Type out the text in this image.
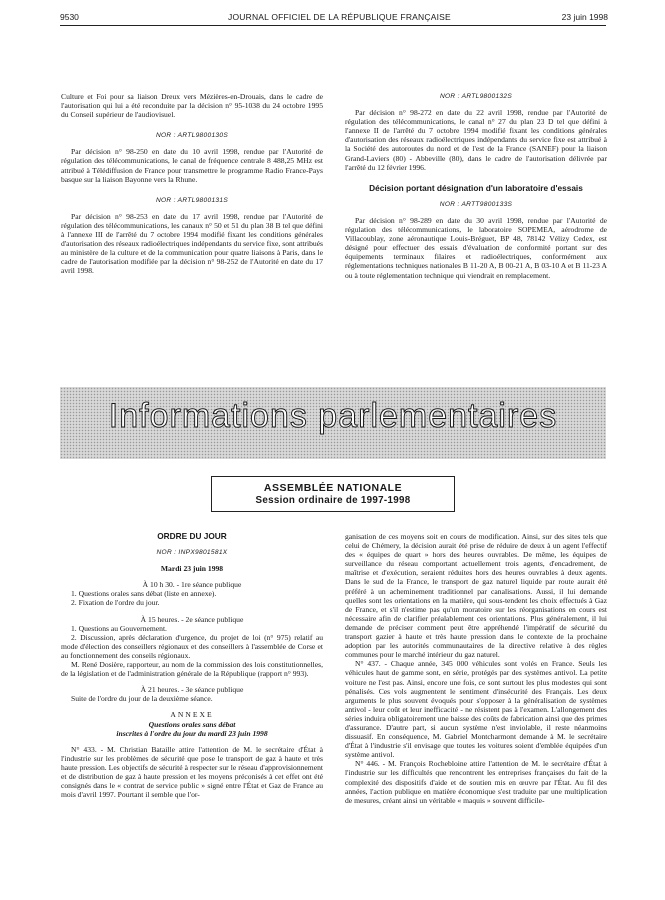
9530	JOURNAL OFFICIEL DE LA RÉPUBLIQUE FRANÇAISE	23 juin 1998

Culture et Foi pour sa liaison Dreux vers Mézières-en-Drouais, dans le cadre de l'autorisation qui lui a été reconduite par la décision n° 95-1038 du 24 octobre 1995 du Conseil supérieur de l'audiovisuel.

NOR : ARTL9800130S

Par décision n° 98-250 en date du 10 avril 1998, rendue par l'Autorité de régulation des télécommunications, le canal de fréquence centrale 8 488,25 MHz est attribué à Télédiffusion de France pour transmettre le programme Radio France-Pays basque sur la liaison Bayonne vers la Rhune.

NOR : ARTL9800131S

Par décision n° 98-253 en date du 17 avril 1998, rendue par l'Autorité de régulation des télécommunications, les canaux n° 50 et 51 du plan 38 B tel que défini à l'annexe III de l'arrêté du 7 octobre 1994 modifié fixant les conditions générales d'autorisation des réseaux radioélectriques indépendants du service fixe, sont attribués au ministère de la culture et de la communication pour quatre liaisons à Paris, dans le cadre de l'autorisation modifiée par la décision n° 98-252 de l'Autorité en date du 17 avril 1998.

NOR : ARTL9800132S

Par décision n° 98-272 en date du 22 avril 1998, rendue par l'Autorité de régulation des télécommunications, le canal n° 27 du plan 23 D tel que défini à l'annexe II de l'arrêté du 7 octobre 1994 modifié fixant les conditions générales d'autorisation des réseaux radioélectriques indépendants du service fixe est attribué à la Société des autoroutes du nord et de l'est de la France (SANEF) pour la liaison Grand-Laviers (80) - Abbeville (80), dans le cadre de l'autorisation délivrée par l'arrêté du 12 février 1996.

Décision portant désignation d'un laboratoire d'essais

NOR : ARTT9800133S

Par décision n° 98-289 en date du 30 avril 1998, rendue par l'Autorité de régulation des télécommunications, le laboratoire SOPEMEA, aérodrome de Villacoublay, zone aéronautique Louis-Bréguet, BP 48, 78142 Vélizy Cedex, est désigné pour effectuer des essais d'évaluation de conformité portant sur des équipements terminaux filaires et radioélectriques, conformément aux réglementations techniques nationales B 11-20 A, B 00-21 A, B 03-10 A et B 11-23 A ou à toute réglementation technique qui viendrait en remplacement.

Informations parlementaires
ASSEMBLÉE NATIONALE
Session ordinaire de 1997-1998

ORDRE DU JOUR

NOR : INPX9801581X

Mardi 23 juin 1998

À 10 h 30. - 1re séance publique

1. Questions orales sans débat (liste en annexe).

2. Fixation de l'ordre du jour.

À 15 heures. - 2e séance publique

1. Questions au Gouvernement.

2. Discussion, après déclaration d'urgence, du projet de loi (n° 975) relatif au mode d'élection des conseillers régionaux et des conseillers à l'assemblée de Corse et au fonctionnement des conseils régionaux.

M. René Dosière, rapporteur, au nom de la commission des lois constitutionnelles, de la législation et de l'administration générale de la République (rapport n° 993).

À 21 heures. - 3e séance publique

Suite de l'ordre du jour de la deuxième séance.

ANNEXE

Questions orales sans débat

inscrites à l'ordre du jour du mardi 23 juin 1998

N° 433. - M. Christian Bataille attire l'attention de M. le secrétaire d'État à l'industrie sur les problèmes de sécurité que pose le transport de gaz à haute et très haute pression. Les objectifs de sécurité à respecter sur le réseau d'approvisionnement et de distribution de gaz à haute pression et les moyens préconisés à cet effet ont été consignés dans le « contrat de service public » signé entre l'État et Gaz de France au mois d'avril 1997. Pourtant il semble que l'or-

ganisation de ces moyens soit en cours de modification. Ainsi, sur des sites tels que celui de Chémery, la décision aurait été prise de réduire de deux à un agent l'effectif des « équipes de quart » hors des heures ouvrables. De même, les équipes de surveillance du réseau comportant actuellement trois agents, d'encadrement, de maîtrise et d'exécution, seraient réduites hors des heures ouvrables à deux agents. Dans le sud de la France, le transport de gaz naturel liquide par route aurait été préféré à un acheminement traditionnel par canalisations. Aussi, il lui demande quelles sont les orientations en la matière, qui sous-tendent les choix effectués à Gaz de France, et s'il n'estime pas qu'un moratoire sur les réorganisations en cours est nécessaire afin de clarifier préalablement ces orientations. Plus généralement, il lui demande de préciser comment peut être appréhendé l'impératif de sécurité du transport gazier à haute et très haute pression dans le contexte de la prochaine adoption par les autorités communautaires de la directive relative à des règles communes pour le marché intérieur du gaz naturel.

N° 437. - Chaque année, 345 000 véhicules sont volés en France. Seuls les véhicules haut de gamme sont, en série, protégés par des systèmes antivol. La petite voiture ne l'est pas. Ainsi, encore une fois, ce sont surtout les plus modestes qui sont pénalisés. Ces vols augmentent le sentiment d'insécurité des Français. Les deux arguments le plus souvent évoqués pour s'opposer à la généralisation de systèmes antivol - leur coût et leur inefficacité - ne résistent pas à l'examen. L'allongement des séries induira obligatoirement une baisse des coûts de fabrication ainsi que des primes d'assurance. D'autre part, si aucun système n'est inviolable, il reste néanmoins dissuasif. En conséquence, M. Gabriel Montcharmont demande à M. le secrétaire d'État à l'industrie s'il envisage que toutes les voitures soient d'emblée équipées d'un système antivol.

N° 446. - M. François Rochebloine attire l'attention de M. le secrétaire d'État à l'industrie sur les difficultés que rencontrent les entreprises françaises du fait de la complexité des dispositifs d'aide et de soutien mis en œuvre par l'État. Au fil des années, l'action publique en matière économique s'est traduite par une multiplication de mesures, créant ainsi un véritable « maquis » souvent difficile-
